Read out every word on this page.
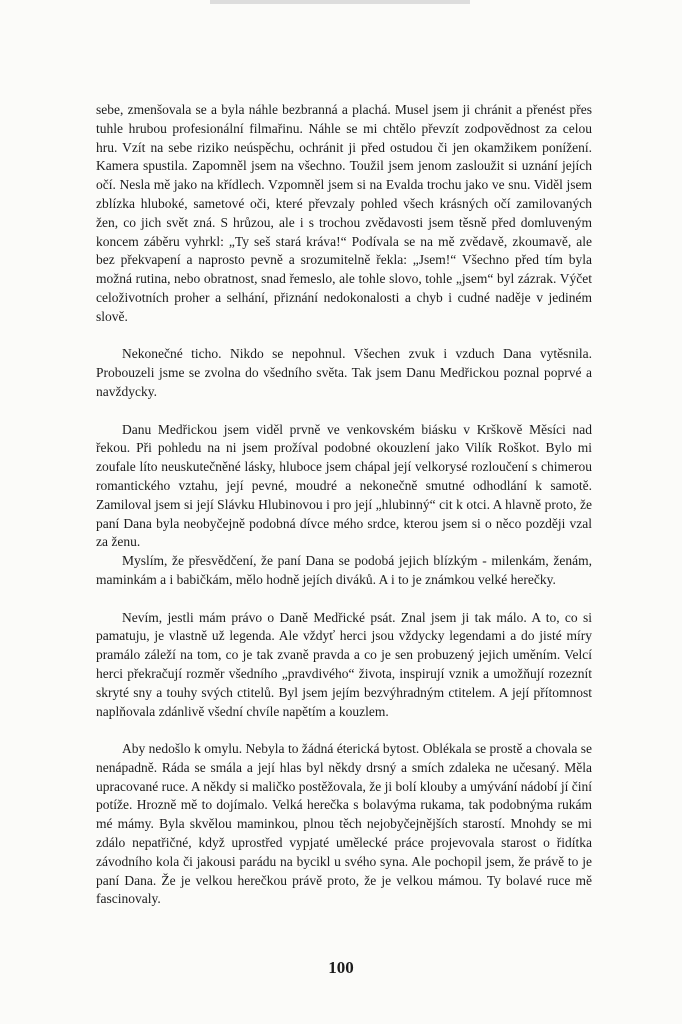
sebe, zmenšovala se a byla náhle bezbranná a plachá. Musel jsem ji chránit a přenést přes tuhle hrubou profesionální filmařinu. Náhle se mi chtělo převzít zodpovědnost za celou hru. Vzít na sebe riziko neúspěchu, ochránit ji před ostudou či jen okamžikem ponížení. Kamera spustila. Zapomněl jsem na všechno. Toužil jsem jenom zasloužit si uznání jejích očí. Nesla mě jako na křídlech. Vzpomněl jsem si na Evalda trochu jako ve snu. Viděl jsem zblízka hluboké, sametové oči, které převzaly pohled všech krásných očí zamilovaných žen, co jich svět zná. S hrůzou, ale i s trochou zvědavosti jsem těsně před domluveným koncem záběru vyhrkl: „Ty seš stará kráva!“ Podívala se na mě zvědavě, zkoumavě, ale bez překvapení a naprosto pevně a srozumitelně řekla: „Jsem!“ Všechno před tím byla možná rutina, nebo obratnost, snad řemeslo, ale tohle slovo, tohle „jsem“ byl zázrak. Výčet celoživotních proher a selhání, přiznání nedokonalosti a chyb i cudné naděje v jediném slově.

Nekonečné ticho. Nikdo se nepohnul. Všechen zvuk i vzduch Dana vytěsnila. Probouzeli jsme se zvolna do všedního světa. Tak jsem Danu Medřickou poznal poprvé a navždycky.

Danu Medřickou jsem viděl prvně ve venkovském biásku v Krškově Měsíci nad řekou. Při pohledu na ni jsem prožíval podobné okouzlení jako Vilík Roškot. Bylo mi zoufale líto neuskutečněné lásky, hluboce jsem chápal její velkorysé rozloučení s chimerou romantického vztahu, její pevné, moudré a nekonečně smutné odhodlání k samotě. Zamiloval jsem si její Slávku Hlubinovou i pro její „hlubinný“ cit k otci. A hlavně proto, že paní Dana byla neobyčejně podobná dívce mého srdce, kterou jsem si o něco později vzal za ženu.

Myslím, že přesvědčení, že paní Dana se podobá jejich blízkým - milenkám, ženám, maminkám a i babičkám, mělo hodně jejích diváků. A i to je známkou velké herečky.

Nevím, jestli mám právo o Daně Medřické psát. Znal jsem ji tak málo. A to, co si pamatuju, je vlastně už legenda. Ale vždyť herci jsou vždycky legendami a do jisté míry pramálo záleží na tom, co je tak zvaně pravda a co je sen probuzený jejich uměním. Velcí herci překračují rozměr všedního „pravdivého“ života, inspirují vznik a umožňují rozeznít skryté sny a touhy svých ctitelů. Byl jsem jejím bezvýhradným ctitelem. A její přítomnost naplňovala zdánlivě všední chvíle napětím a kouzlem.

Aby nedošlo k omylu. Nebyla to žádná éterická bytost. Oblékala se prostě a chovala se nenápadně. Ráda se smála a její hlas byl někdy drsný a smích zdaleka ne učesaný. Měla upracované ruce. A někdy si maličko postěžovala, že ji bolí klouby a umývání nádobí jí činí potíže. Hrozně mě to dojímalo. Velká herečka s bolavýma rukama, tak podobnýma rukám mé mámy. Byla skvělou maminkou, plnou těch nejobyčejnějších starostí. Mnohdy se mi zdálo nepatřičné, když uprostřed vypjaté umělecké práce projevovala starost o řidítka závodního kola či jakousi parádu na bycikl u svého syna. Ale pochopil jsem, že právě to je paní Dana. Že je velkou herečkou právě proto, že je velkou mámou. Ty bolavé ruce mě fascinovaly.

100
